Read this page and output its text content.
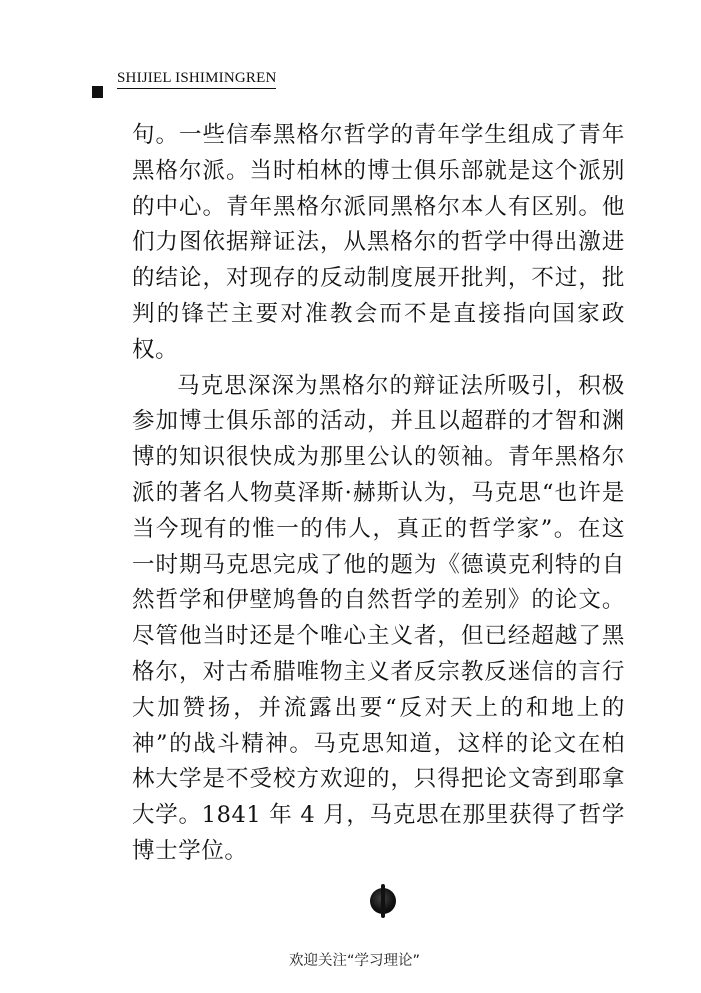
SHIJIEL ISHIMINGREN

句。一些信奉黑格尔哲学的青年学生组成了青年黑格尔派。当时柏林的博士俱乐部就是这个派别的中心。青年黑格尔派同黑格尔本人有区别。他们力图依据辩证法，从黑格尔的哲学中得出激进的结论，对现存的反动制度展开批判，不过，批判的锋芒主要对准教会而不是直接指向国家政权。

马克思深深为黑格尔的辩证法所吸引，积极参加博士俱乐部的活动，并且以超群的才智和渊博的知识很快成为那里公认的领袖。青年黑格尔派的著名人物莫泽斯·赫斯认为，马克思“也许是当今现有的惟一的伟人，真正的哲学家”。在这一时期马克思完成了他的题为《德谟克利特的自然哲学和伊壁鸠鲁的自然哲学的差别》的论文。尽管他当时还是个唯心主义者，但已经超越了黑格尔，对古希腊唯物主义者反宗教反迷信的言行大加赞扬，并流露出要“反对天上的和地上的神”的战斗精神。马克思知道，这样的论文在柏林大学是不受校方欢迎的，只得把论文寄到耶拿大学。1841 年 4 月，马克思在那里获得了哲学博士学位。

欢迎关注“学习理论”
